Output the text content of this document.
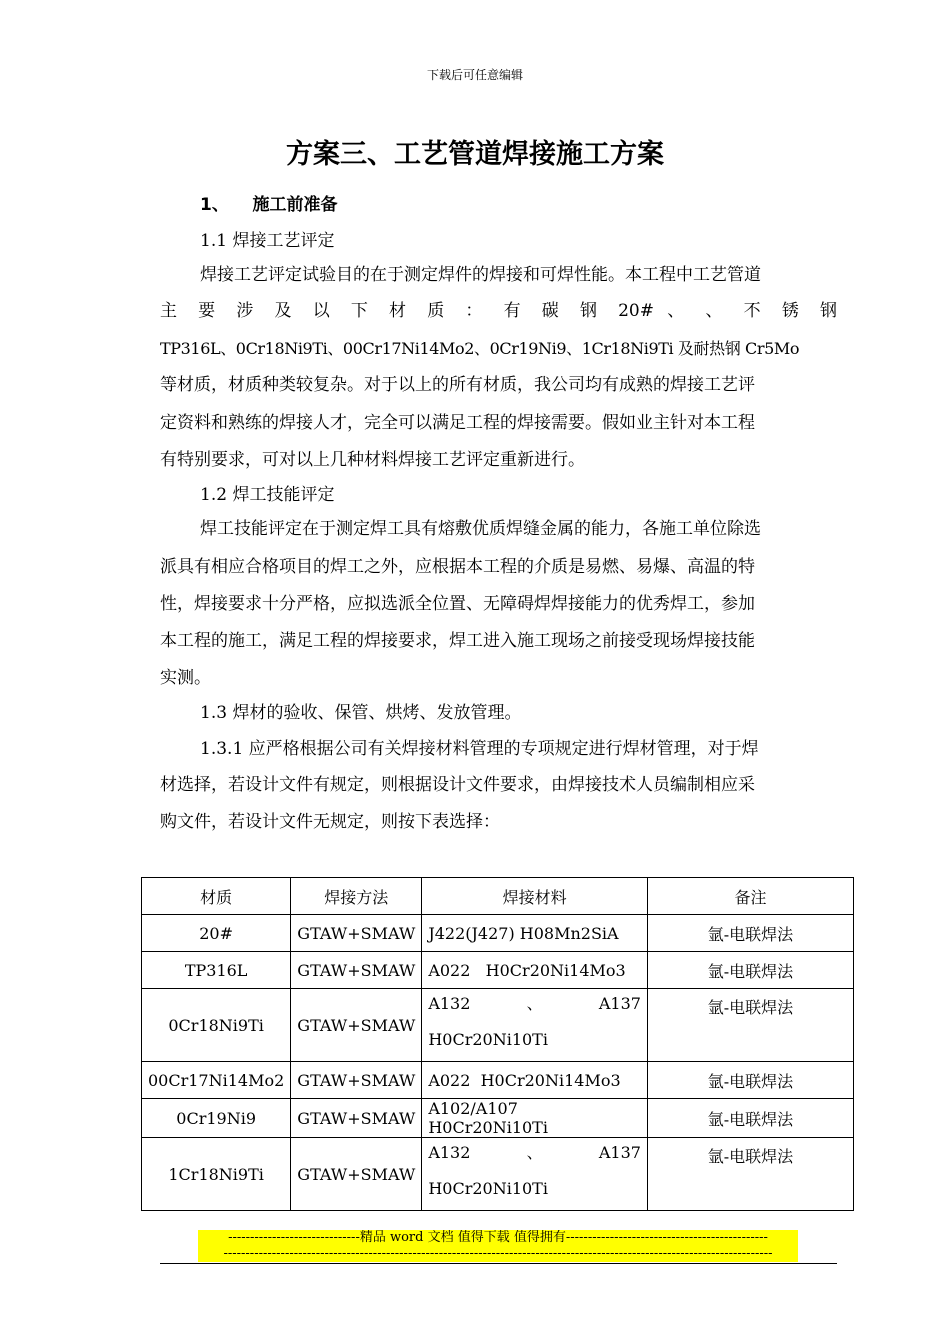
下载后可任意编辑
方案三、工艺管道焊接施工方案
1、 施工前准备
1.1 焊接工艺评定
焊接工艺评定试验目的在于测定焊件的焊接和可焊性能。本工程中工艺管道
主 要 涉 及 以 下 材 质 ： 有 碳 钢 20# 、 、 不 锈 钢
TP316L、0Cr18Ni9Ti、00Cr17Ni14Mo2、0Cr19Ni9、1Cr18Ni9Ti 及耐热钢 Cr5Mo
等材质，材质种类较复杂。对于以上的所有材质，我公司均有成熟的焊接工艺评
定资料和熟练的焊接人才，完全可以满足工程的焊接需要。假如业主针对本工程
有特别要求，可对以上几种材料焊接工艺评定重新进行。
1.2 焊工技能评定
焊工技能评定在于测定焊工具有熔敷优质焊缝金属的能力，各施工单位除选
派具有相应合格项目的焊工之外，应根据本工程的介质是易燃、易爆、高温的特
性，焊接要求十分严格，应拟选派全位置、无障碍焊焊接能力的优秀焊工，参加
本工程的施工，满足工程的焊接要求，焊工进入施工现场之前接受现场焊接技能
实测。
1.3 焊材的验收、保管、烘烤、发放管理。
1.3.1 应严格根据公司有关焊接材料管理的专项规定进行焊材管理，对于焊
材选择，若设计文件有规定，则根据设计文件要求，由焊接技术人员编制相应采
购文件，若设计文件无规定，则按下表选择：
材质	焊接方法	焊接材料	备注
20#	GTAW+SMAW	J422(J427) H08Mn2SiA	氩-电联焊法
TP316L	GTAW+SMAW	A022   H0Cr20Ni14Mo3	氩-电联焊法
0Cr18Ni9Ti	GTAW+SMAW	A132 、 A137
H0Cr20Ni10Ti	氩-电联焊法
00Cr17Ni14Mo2	GTAW+SMAW	A022  H0Cr20Ni14Mo3	氩-电联焊法
0Cr19Ni9	GTAW+SMAW	A102/A107 H0Cr20Ni10Ti	氩-电联焊法
1Cr18Ni9Ti	GTAW+SMAW	A132 、 A137
H0Cr20Ni10Ti	氩-电联焊法
------------------------------精品 word 文档 值得下载 值得拥有----------------------------------------------
-----------------------------------------------------------------------------------------------------------------------------
